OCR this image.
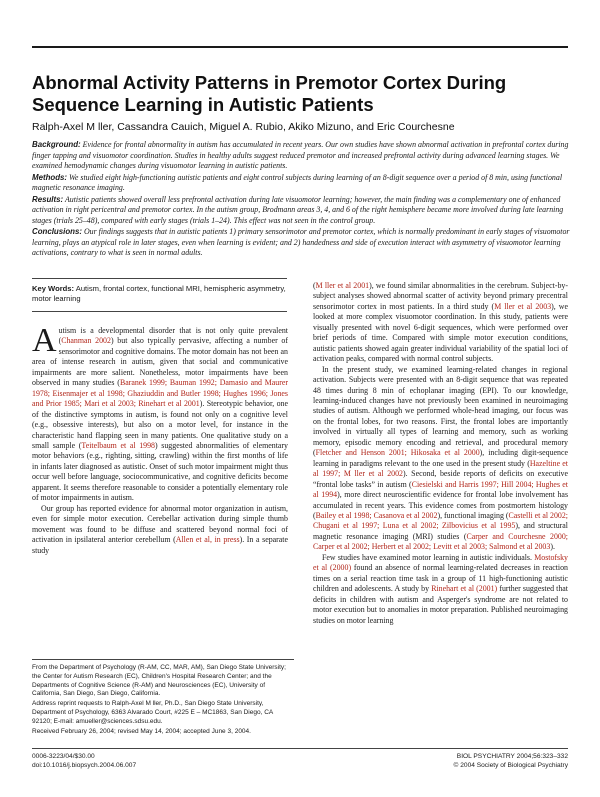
Abnormal Activity Patterns in Premotor Cortex During Sequence Learning in Autistic Patients
Ralph-Axel M ller, Cassandra Cauich, Miguel A. Rubio, Akiko Mizuno, and Eric Courchesne

Background: Evidence for frontal abnormality in autism has accumulated in recent years. Our own studies have shown abnormal activation in prefrontal cortex during finger tapping and visuomotor coordination. Studies in healthy adults suggest reduced premotor and increased prefrontal activity during advanced learning stages. We examined hemodynamic changes during visuomotor learning in autistic patients.

Methods: We studied eight high-functioning autistic patients and eight control subjects during learning of an 8-digit sequence over a period of 8 min, using functional magnetic resonance imaging.

Results: Autistic patients showed overall less prefrontal activation during late visuomotor learning; however, the main finding was a complementary one of enhanced activation in right pericentral and premotor cortex. In the autism group, Brodmann areas 3, 4, and 6 of the right hemisphere became more involved during late learning stages (trials 25–48), compared with early stages (trials 1–24). This effect was not seen in the control group.

Conclusions: Our findings suggests that in autistic patients 1) primary sensorimotor and premotor cortex, which is normally predominant in early stages of visuomotor learning, plays an atypical role in later stages, even when learning is evident; and 2) handedness and side of execution interact with asymmetry of visuomotor learning activations, contrary to what is seen in normal adults.

Key Words: Autism, frontal cortex, functional MRI, hemispheric asymmetry, motor learning

Autism is a developmental disorder that is not only quite prevalent (Chanman 2002) but also typically pervasive, affecting a number of sensorimotor and cognitive domains. The motor domain has not been an area of intense research in autism, given that social and communicative impairments are more salient. Nonetheless, motor impairments have been observed in many studies (Baranek 1999; Bauman 1992; Damasio and Maurer 1978; Eisenmajer et al 1998; Ghaziuddin and Butler 1998; Hughes 1996; Jones and Prior 1985; Mari et al 2003; Rinehart et al 2001). Stereotypic behavior, one of the distinctive symptoms in autism, is found not only on a cognitive level (e.g., obsessive interests), but also on a motor level, for instance in the characteristic hand flapping seen in many patients. One qualitative study on a small sample (Teitelbaum et al 1998) suggested abnormalities of elementary motor behaviors (e.g., righting, sitting, crawling) within the first months of life in infants later diagnosed as autistic. Onset of such motor impairment might thus occur well before language, sociocommunicative, and cognitive deficits become apparent. It seems therefore reasonable to consider a potentially elementary role of motor impairments in autism.

Our group has reported evidence for abnormal motor organization in autism, even for simple motor execution. Cerebellar activation during simple thumb movement was found to be diffuse and scattered beyond normal foci of activation in ipsilateral anterior cerebellum (Allen et al, in press). In a separate study

(M ller et al 2001), we found similar abnormalities in the cerebrum. Subject-by-subject analyses showed abnormal scatter of activity beyond primary precentral sensorimotor cortex in most patients. In a third study (M ller et al 2003), we looked at more complex visuomotor coordination. In this study, patients were visually presented with novel 6-digit sequences, which were performed over brief periods of time. Compared with simple motor execution conditions, autistic patients showed again greater individual variability of the spatial loci of activation peaks, compared with normal control subjects.

In the present study, we examined learning-related changes in regional activation. Subjects were presented with an 8-digit sequence that was repeated 48 times during 8 min of echoplanar imaging (EPI). To our knowledge, learning-induced changes have not previously been examined in neuroimaging studies of autism. Although we performed whole-head imaging, our focus was on the frontal lobes, for two reasons. First, the frontal lobes are importantly involved in virtually all types of learning and memory, such as working memory, episodic memory encoding and retrieval, and procedural memory (Fletcher and Henson 2001; Hikosaka et al 2000), including digit-sequence learning in paradigms relevant to the one used in the present study (Hazeltine et al 1997; M ller et al 2002). Second, beside reports of deficits on executive “frontal lobe tasks” in autism (Ciesielski and Harris 1997; Hill 2004; Hughes et al 1994), more direct neuroscientific evidence for frontal lobe involvement has accumulated in recent years. This evidence comes from postmortem histology (Bailey et al 1998; Casanova et al 2002), functional imaging (Castelli et al 2002; Chugani et al 1997; Luna et al 2002; Zilbovicius et al 1995), and structural magnetic resonance imaging (MRI) studies (Carper and Courchesne 2000; Carper et al 2002; Herbert et al 2002; Levitt et al 2003; Salmond et al 2003).

Few studies have examined motor learning in autistic individuals. Mostofsky et al (2000) found an absence of normal learning-related decreases in reaction times on a serial reaction time task in a group of 11 high-functioning autistic children and adolescents. A study by Rinehart et al (2001) further suggested that deficits in children with autism and Asperger's syndrome are not related to motor execution but to anomalies in motor preparation. Published neuroimaging studies on motor learning

From the Department of Psychology (R-AM, CC, MAR, AM), San Diego State University; the Center for Autism Research (EC), Children's Hospital Research Center; and the Departments of Cognitive Science (R-AM) and Neurosciences (EC), University of California, San Diego, San Diego, California.

Address reprint requests to Ralph-Axel M ller, Ph.D., San Diego State University, Department of Psychology, 6363 Alvarado Court, #225 E – MC1863, San Diego, CA 92120; E-mail: amueller@sciences.sdsu.edu.

Received February 26, 2004; revised May 14, 2004; accepted June 3, 2004.

0006-3223/04/$30.00
doi:10.1016/j.biopsych.2004.06.007
BIOL PSYCHIATRY 2004;56:323–332
© 2004 Society of Biological Psychiatry
